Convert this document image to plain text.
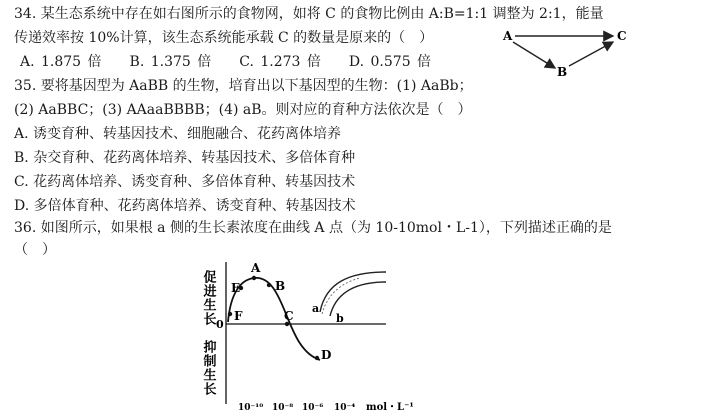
34. 某生态系统中存在如右图所示的食物网，如将 C 的食物比例由 A:B=1:1 调整为 2:1，能量
传递效率按 10%计算，该生态系统能承载 C 的数量是原来的（　）
A. 1.875 倍　　B. 1.375 倍　　C. 1.273 倍　　D. 0.575 倍
A	C
B
35. 要将基因型为 AaBB 的生物，培育出以下基因型的生物：(1) AaBb；
(2) AaBBC；(3) AAaaBBBB；(4) aB。则对应的育种方法依次是（　）
A. 诱变育种、转基因技术、细胞融合、花药离体培养
B. 杂交育种、花药离体培养、转基因技术、多倍体育种
C. 花药离体培养、诱变育种、多倍体育种、转基因技术
D. 多倍体育种、花药离体培养、诱变育种、转基因技术
36. 如图所示，如果根 a 侧的生长素浓度在曲线 A 点（为 10-10mol・L-1），下列描述正确的是
（　）
促进生长
抑制生长
0
A
E	B
F	C
D
10⁻¹⁰ 10⁻⁸ 10⁻⁶ 10⁻⁴ mol・L⁻¹
a
b
